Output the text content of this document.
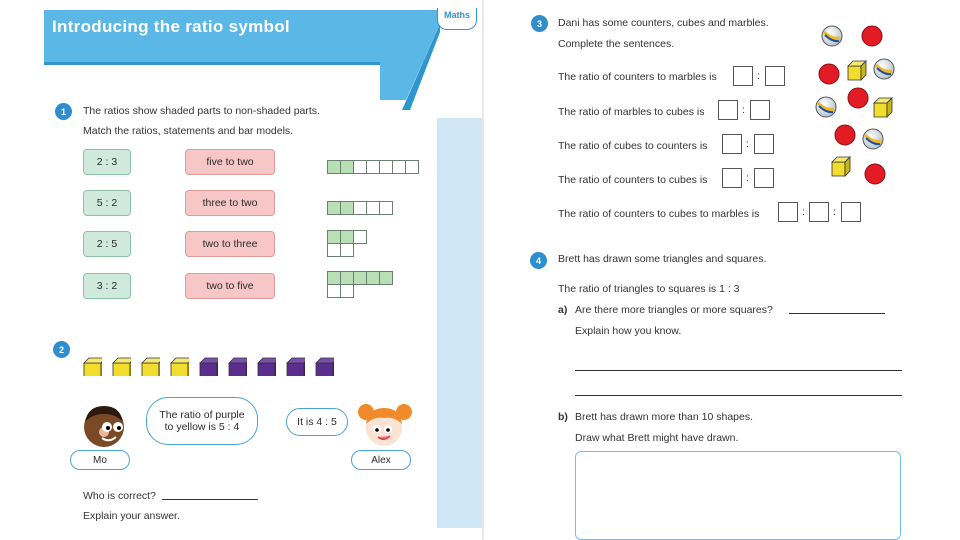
Introducing the ratio symbol
Maths
1	The ratios show shaded parts to non-shaded parts.
Match the ratios, statements and bar models.
2 : 3
5 : 2
2 : 5
3 : 2
five to two
three to two
two to three
two to five
2
The ratio of purple to yellow is 5 : 4	It is 4 : 5
Mo	Alex
Who is correct?
Explain your answer.
3	Dani has some counters, cubes and marbles.
Complete the sentences.
The ratio of counters to marbles is	:
The ratio of marbles to cubes is	:
The ratio of cubes to counters is	:
The ratio of counters to cubes is	:
The ratio of counters to cubes to marbles is	:	:
4	Brett has drawn some triangles and squares.
The ratio of triangles to squares is 1 : 3
a) Are there more triangles or more squares?
Explain how you know.
b) Brett has drawn more than 10 shapes.
Draw what Brett might have drawn.
